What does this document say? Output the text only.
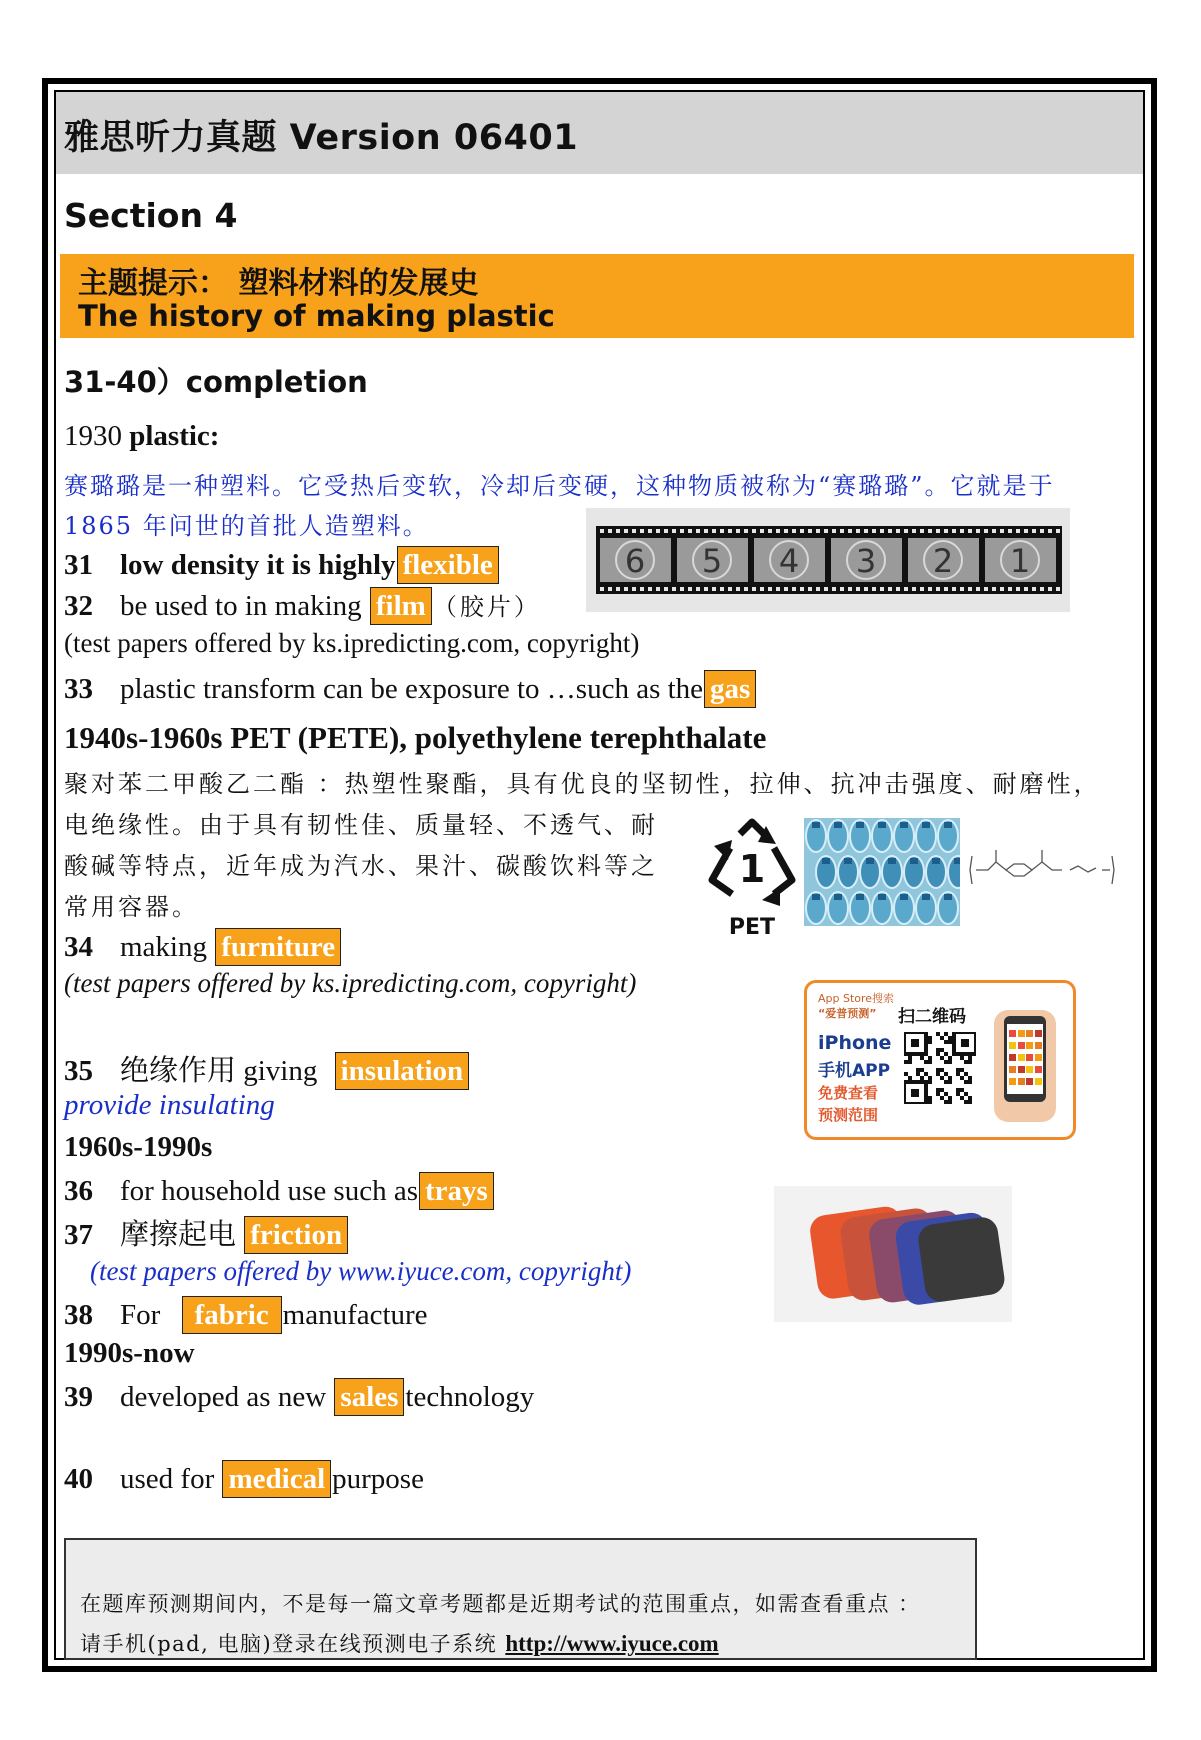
雅思听力真题 Version 06401
Section 4
主题提示： 塑料材料的发展史
The history of making plastic
31-40）completion
1930 plastic:
赛璐璐是一种塑料。它受热后变软，冷却后变硬，这种物质被称为“赛璐璐”。它就是于
1865 年问世的首批人造塑料。
31 low density it is highly flexible
32 be used to in making film （胶片）
(test papers offered by ks.ipredicting.com, copyright)
33 plastic transform can be exposure to …such as the gas
6 5 4 3 2 1
1940s-1960s PET (PETE), polyethylene terephthalate
聚对苯二甲酸乙二酯 ：热塑性聚酯，具有优良的坚韧性，拉伸、抗冲击强度、耐磨性，
电绝缘性。由于具有韧性佳、质量轻、不透气、耐
酸碱等特点，近年成为汽水、果汁、碳酸饮料等之
常用容器。
1
PET
34 making furniture
(test papers offered by ks.ipredicting.com, copyright)
App Store搜索
“爱普预测”
iPhone
手机APP
免费查看
预测范围
扫二维码
35 绝缘作用 giving insulation
provide insulating
1960s-1990s
36 for household use such as trays
37 摩擦起电 friction
(test papers offered by www.iyuce.com, copyright)
38 For fabric manufacture
1990s-now
39 developed as new sales technology
40 used for medical purpose
在题库预测期间内，不是每一篇文章考题都是近期考试的范围重点，如需查看重点 ：
请手机(pad, 电脑)登录在线预测电子系统 http://www.iyuce.com
